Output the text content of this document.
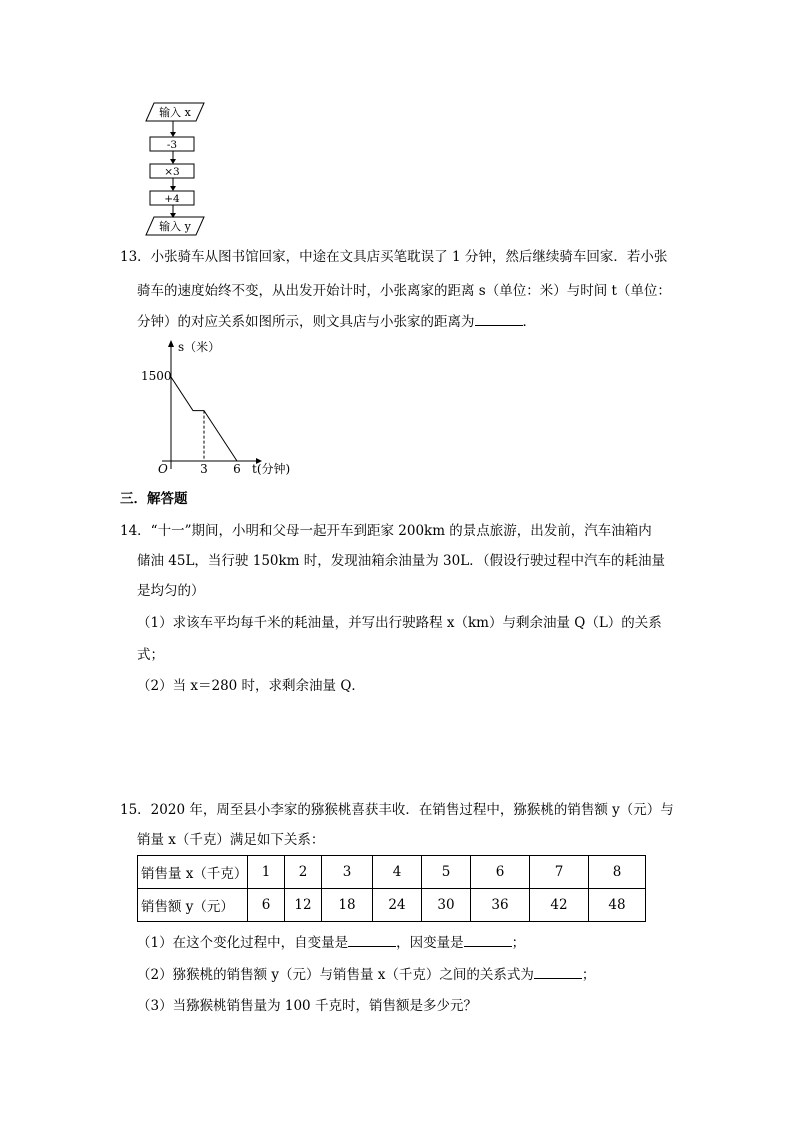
输入 x
-3
×3
+4
输入 y
13．小张骑车从图书馆回家，中途在文具店买笔耽误了 1 分钟，然后继续骑车回家．若小张
骑车的速度始终不变，从出发开始计时，小张离家的距离 s（单位：米）与时间 t（单位：
分钟）的对应关系如图所示，则文具店与小张家的距离为	．
s（米）
t(分钟)
O
1500
3 6
三．解答题
14．“十一”期间，小明和父母一起开车到距家 200km 的景点旅游，出发前，汽车油箱内
储油 45L，当行驶 150km 时，发现油箱余油量为 30L．（假设行驶过程中汽车的耗油量
是均匀的）
（1）求该车平均每千米的耗油量，并写出行驶路程 x（km）与剩余油量 Q（L）的关系
式；
（2）当 x＝280 时，求剩余油量 Q．
15．2020 年，周至县小李家的猕猴桃喜获丰收．在销售过程中，猕猴桃的销售额 y（元）与
销量 x（千克）满足如下关系：
销售量 x（千克）	1	2	3	4	5	6	7	8
销售额 y（元）	6	12	18	24	30	36	42	48
（1）在这个变化过程中，自变量是	，因变量是	；
（2）猕猴桃的销售额 y（元）与销售量 x（千克）之间的关系式为	；
（3）当猕猴桃销售量为 100 千克时，销售额是多少元？
